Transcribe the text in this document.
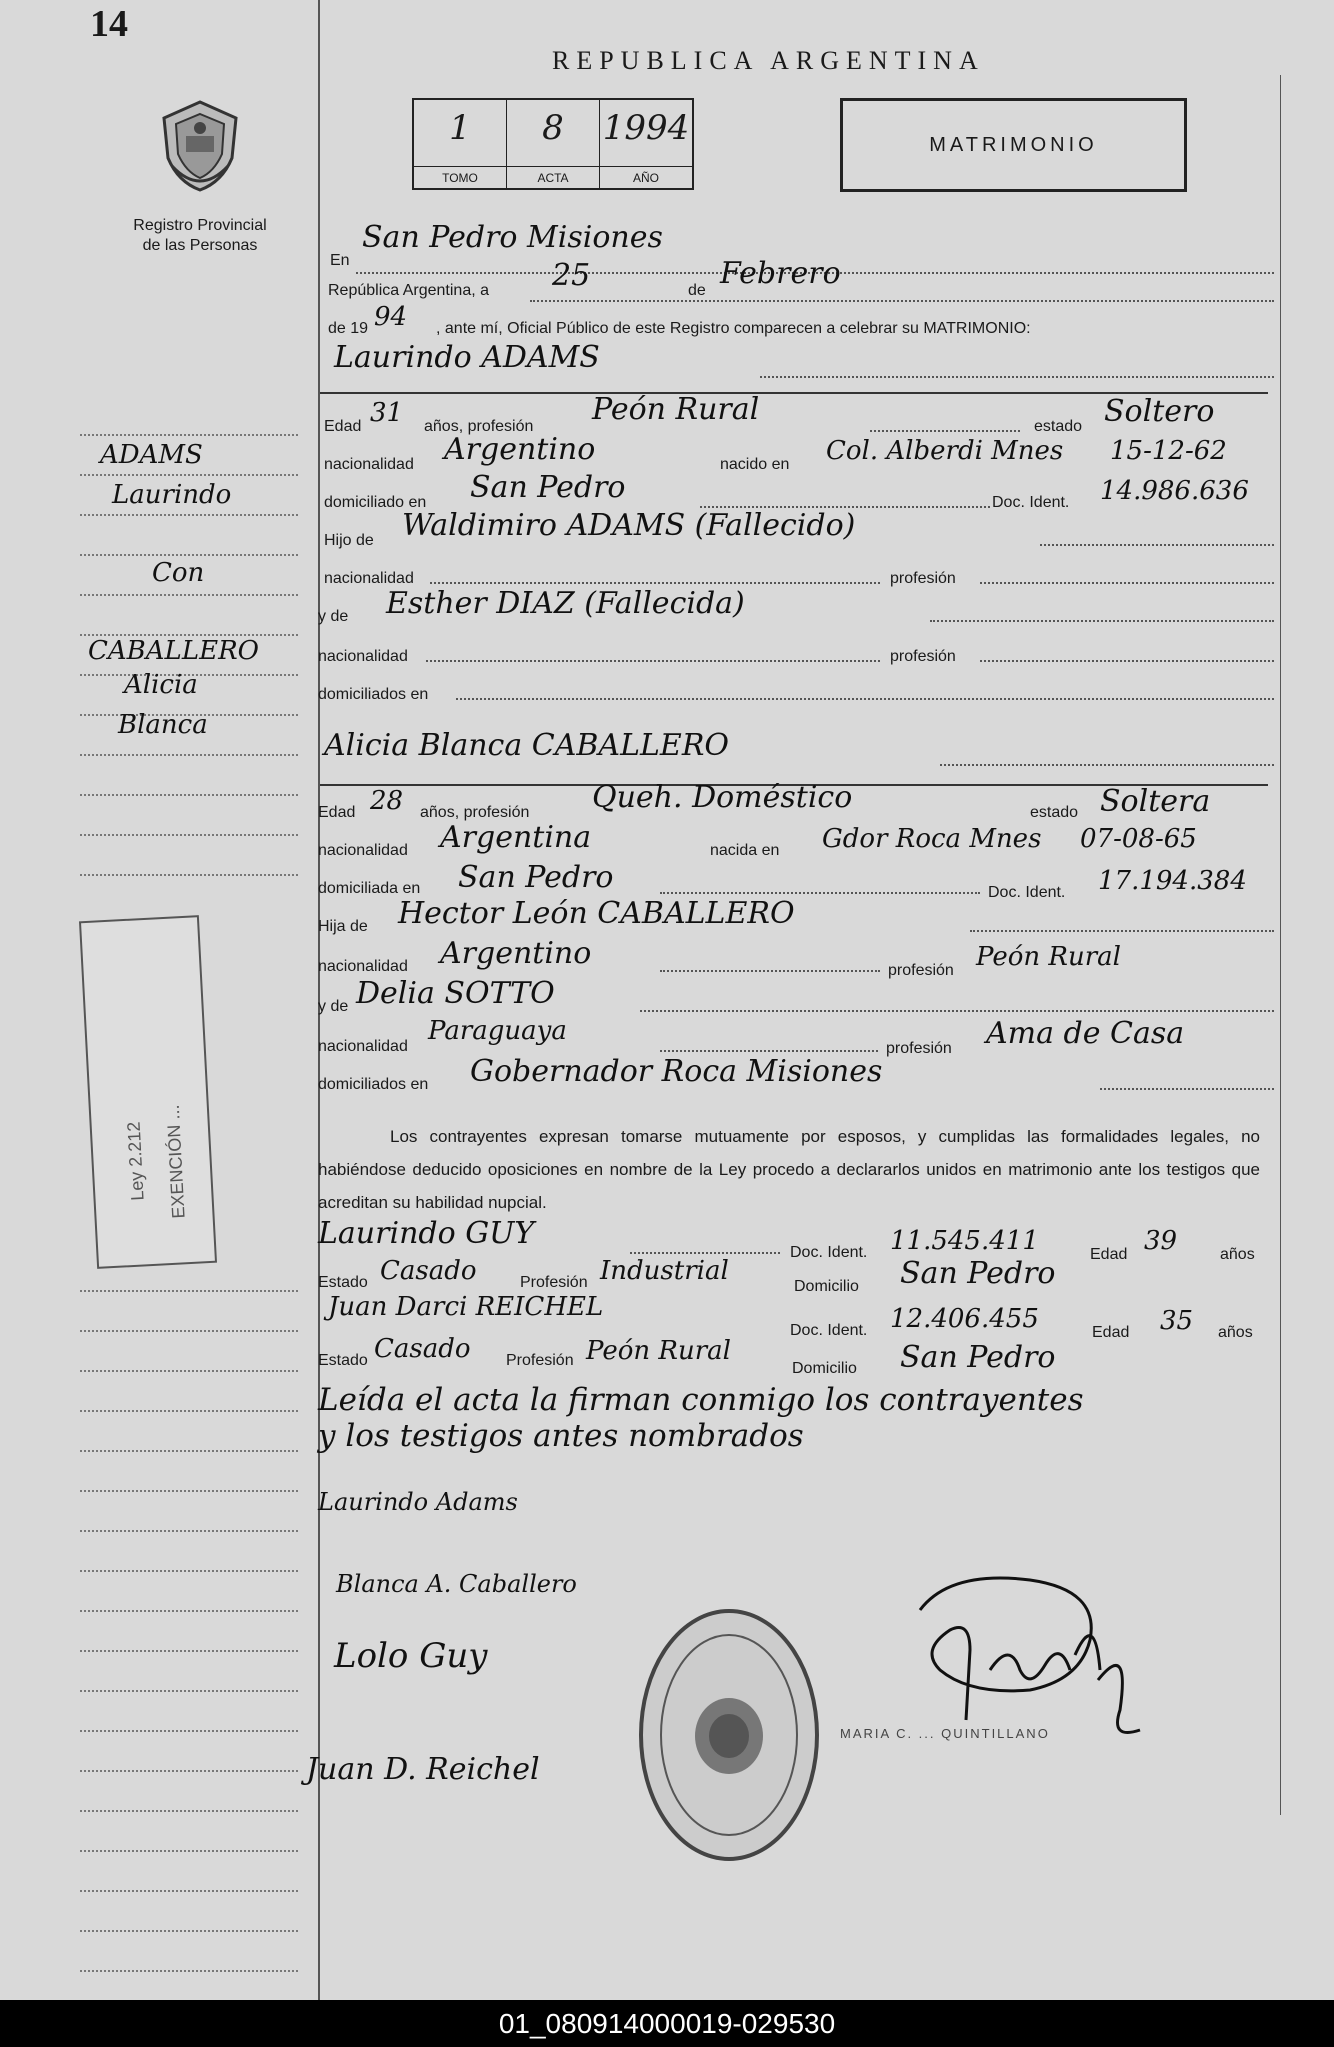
14
REPUBLICA ARGENTINA
Registro Provincial
de las Personas
1
TOMO
8
ACTA
1994
AÑO
MATRIMONIO
ADAMS
Laurindo
Con
CABALLERO
Alicia
Blanca
Ley 2.212 EXENCIÓN ...
En
San Pedro Misiones
República Argentina, a 25	de Febrero
de 19 94 , ante mí, Oficial Público de este Registro comparecen a celebrar su MATRIMONIO:
Laurindo ADAMS
Edad 31 años, profesión Peón Rural	estado Soltero
nacionalidad Argentino	nacido en Col. Alberdi Mnes 15-12-62
domiciliado en San Pedro	Doc. Ident. 14.986.636
Hijo de Waldimiro ADAMS (Fallecido)
nacionalidad	profesión
y de Esther DIAZ (Fallecida)
nacionalidad	profesión
domiciliados en
Alicia Blanca CABALLERO
Edad 28 años, profesión Queh. Doméstico	estado Soltera
nacionalidad Argentina	nacida en Gdor Roca Mnes 07-08-65
domiciliada en San Pedro	Doc. Ident. 17.194.384
Hija de Hector León CABALLERO
nacionalidad Argentino	profesión Peón Rural
y de Delia SOTTO
nacionalidad
Paraguaya
profesión Ama de Casa
domiciliados en Gobernador Roca Misiones
Los contrayentes expresan tomarse mutuamente por esposos, y cumplidas las formalidades legales, no habiéndose deducido oposiciones en nombre de la Ley procedo a declararlos unidos en matrimonio ante los testigos que acreditan su habilidad nupcial.
Laurindo GUY
Doc. Ident. 11.545.411	Edad 39	años
Estado Casado	Profesión Industrial
Domicilio San Pedro
Juan Darci REICHEL
Doc. Ident. 12.406.455	Edad 35 años
Estado Casado Profesión Peón Rural
Domicilio San Pedro
Leída el acta la firman conmigo los contrayentes
y los testigos antes nombrados
Laurindo Adams
Blanca A. Caballero
Lolo Guy
Juan D. Reichel
MARIA C. ... QUINTILLANO
01_080914000019-029530
